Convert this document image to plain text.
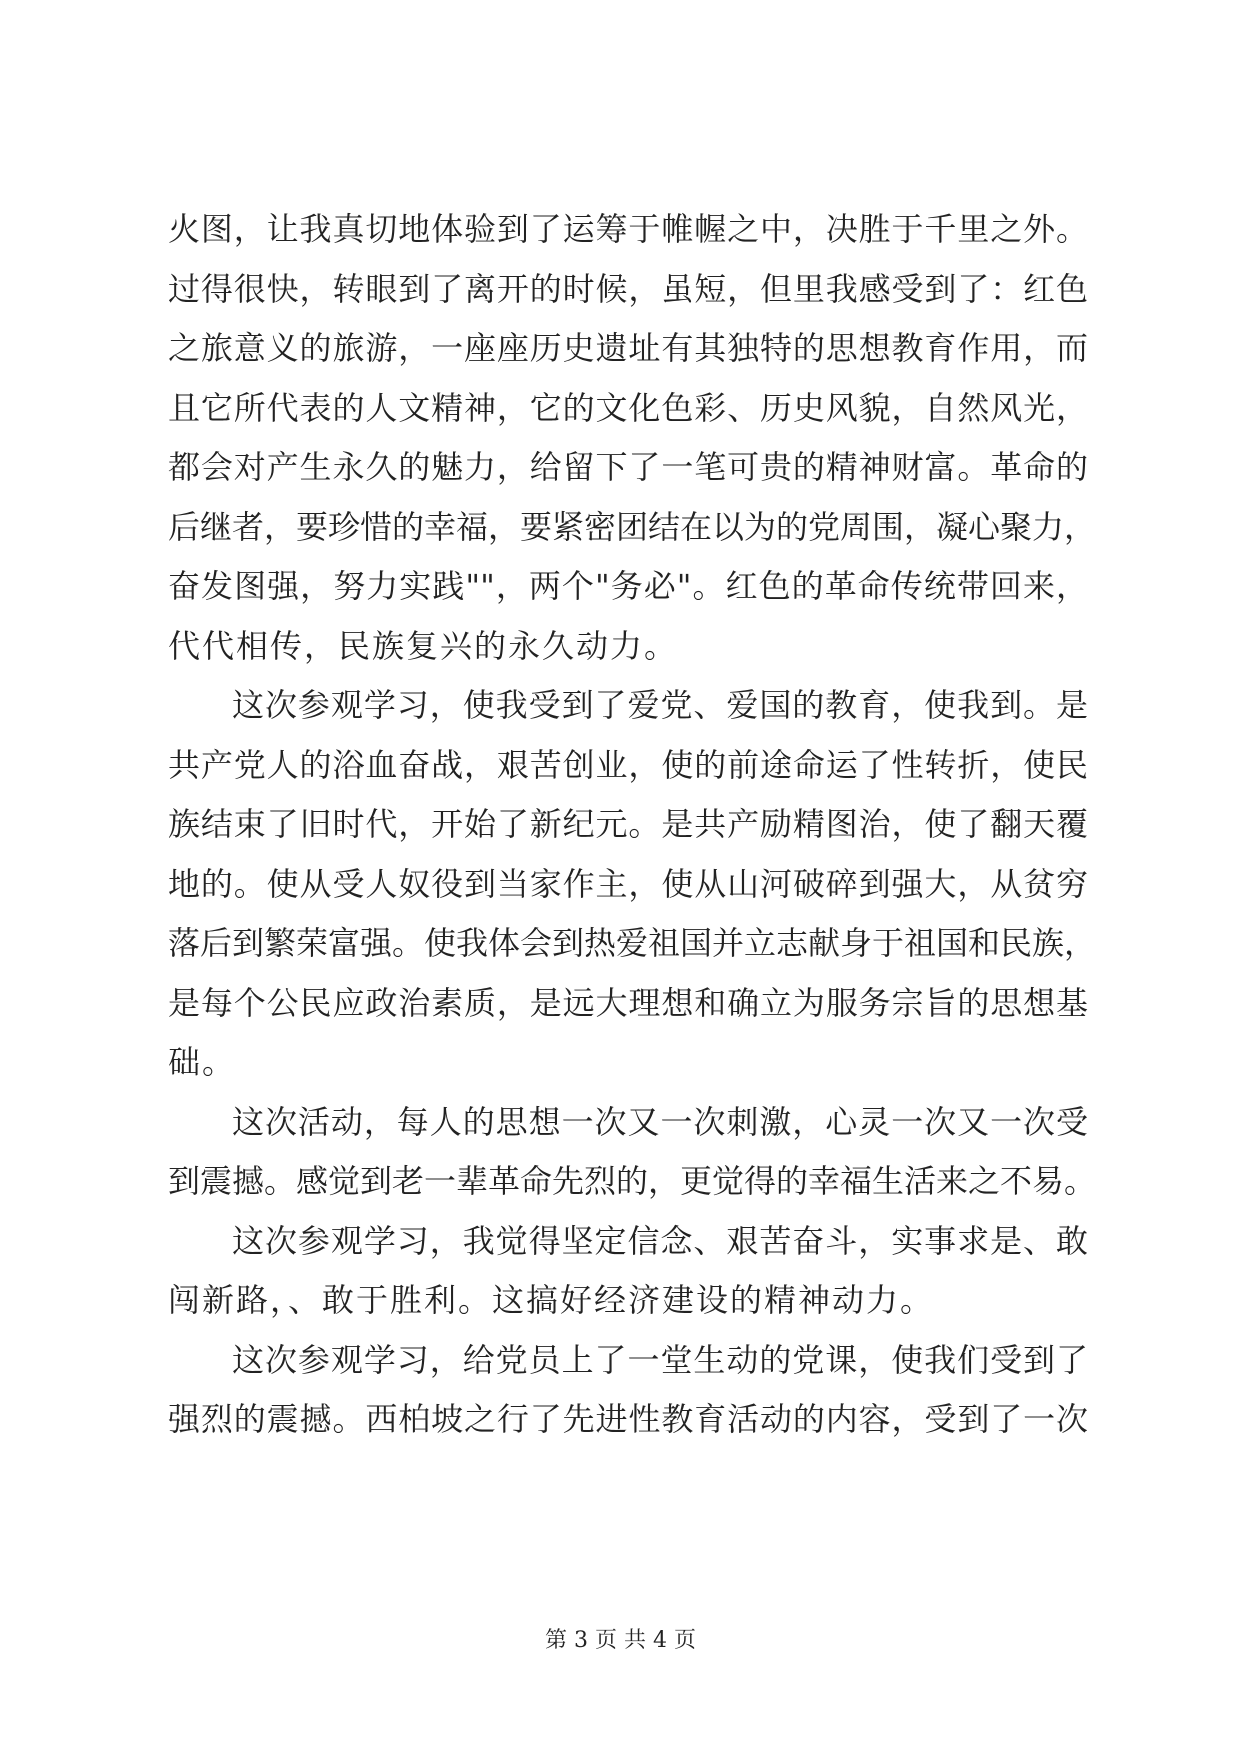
火图，让我真切地体验到了运筹于帷幄之中，决胜于千里之外。
过得很快，转眼到了离开的时候，虽短，但里我感受到了：红色
之旅意义的旅游，一座座历史遗址有其独特的思想教育作用，而
且它所代表的人文精神，它的文化色彩、历史风貌，自然风光，
都会对产生永久的魅力，给留下了一笔可贵的精神财富。革命的
后继者，要珍惜的幸福，要紧密团结在以为的党周围，凝心聚力，
奋发图强，努力实践""，两个"务必"。红色的革命传统带回来，
代代相传，民族复兴的永久动力。
这次参观学习，使我受到了爱党、爱国的教育，使我到。是
共产党人的浴血奋战，艰苦创业，使的前途命运了性转折，使民
族结束了旧时代，开始了新纪元。是共产励精图治，使了翻天覆
地的。使从受人奴役到当家作主，使从山河破碎到强大，从贫穷
落后到繁荣富强。使我体会到热爱祖国并立志献身于祖国和民族，
是每个公民应政治素质，是远大理想和确立为服务宗旨的思想基
础。
这次活动，每人的思想一次又一次刺激，心灵一次又一次受
到震撼。感觉到老一辈革命先烈的，更觉得的幸福生活来之不易。
这次参观学习，我觉得坚定信念、艰苦奋斗，实事求是、敢
闯新路，、敢于胜利。这搞好经济建设的精神动力。
这次参观学习，给党员上了一堂生动的党课，使我们受到了
强烈的震撼。西柏坡之行了先进性教育活动的内容，受到了一次
第 3 页 共 4 页
